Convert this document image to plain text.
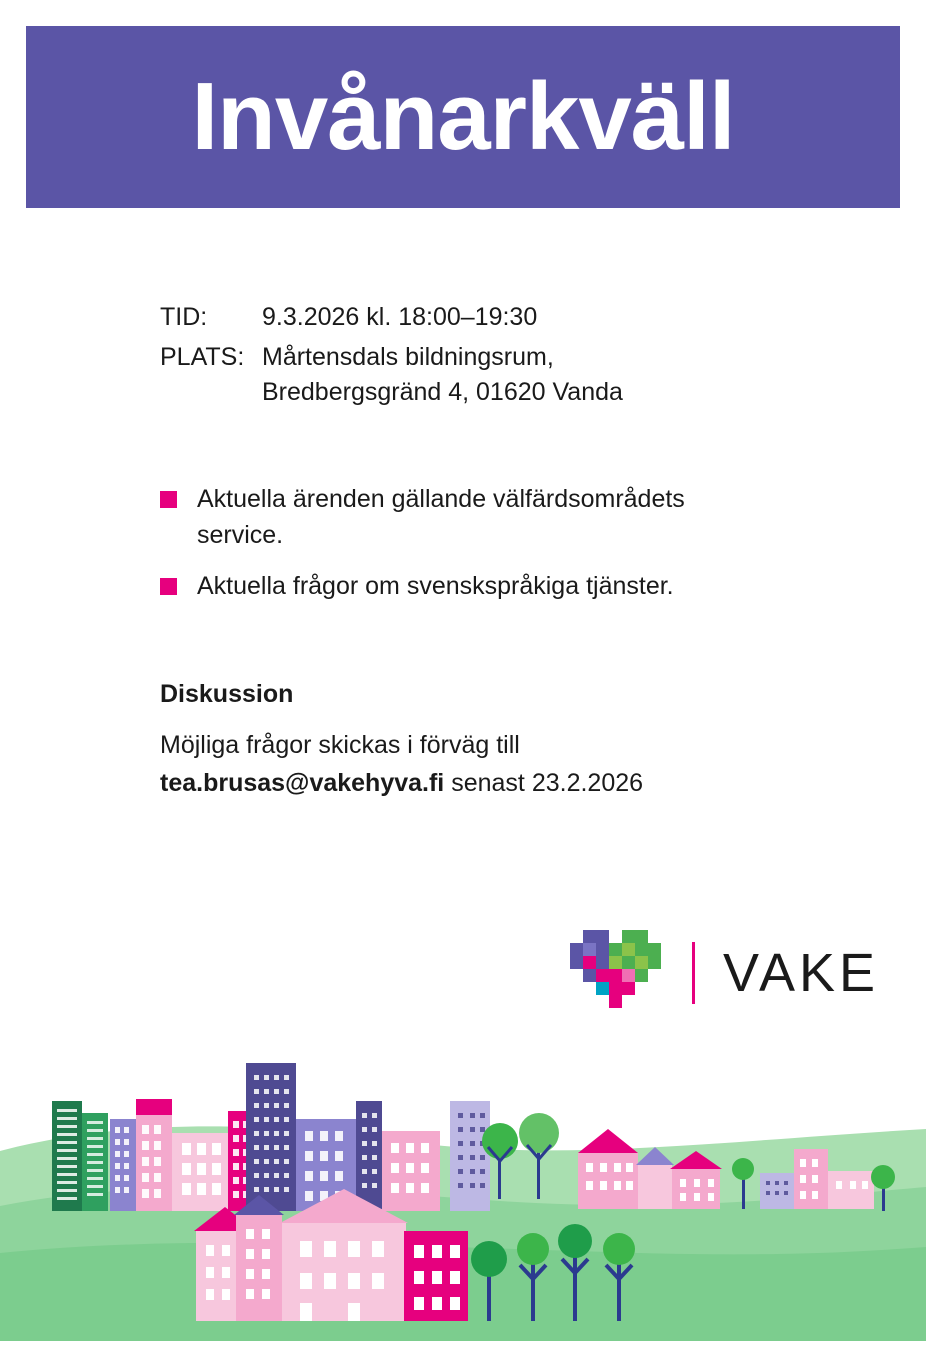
Invånarkväll
TID:	9.3.2026 kl. 18:00–19:30
PLATS: Mårtensdals bildningsrum,
Bredbergsgränd 4, 01620 Vanda
Aktuella ärenden gällande välfärdsområdets service.
Aktuella frågor om svenskspråkiga tjänster.
Diskussion
Möjliga frågor skickas i förväg till
tea.brusas@vakehyva.fi senast 23.2.2026
VAKE
